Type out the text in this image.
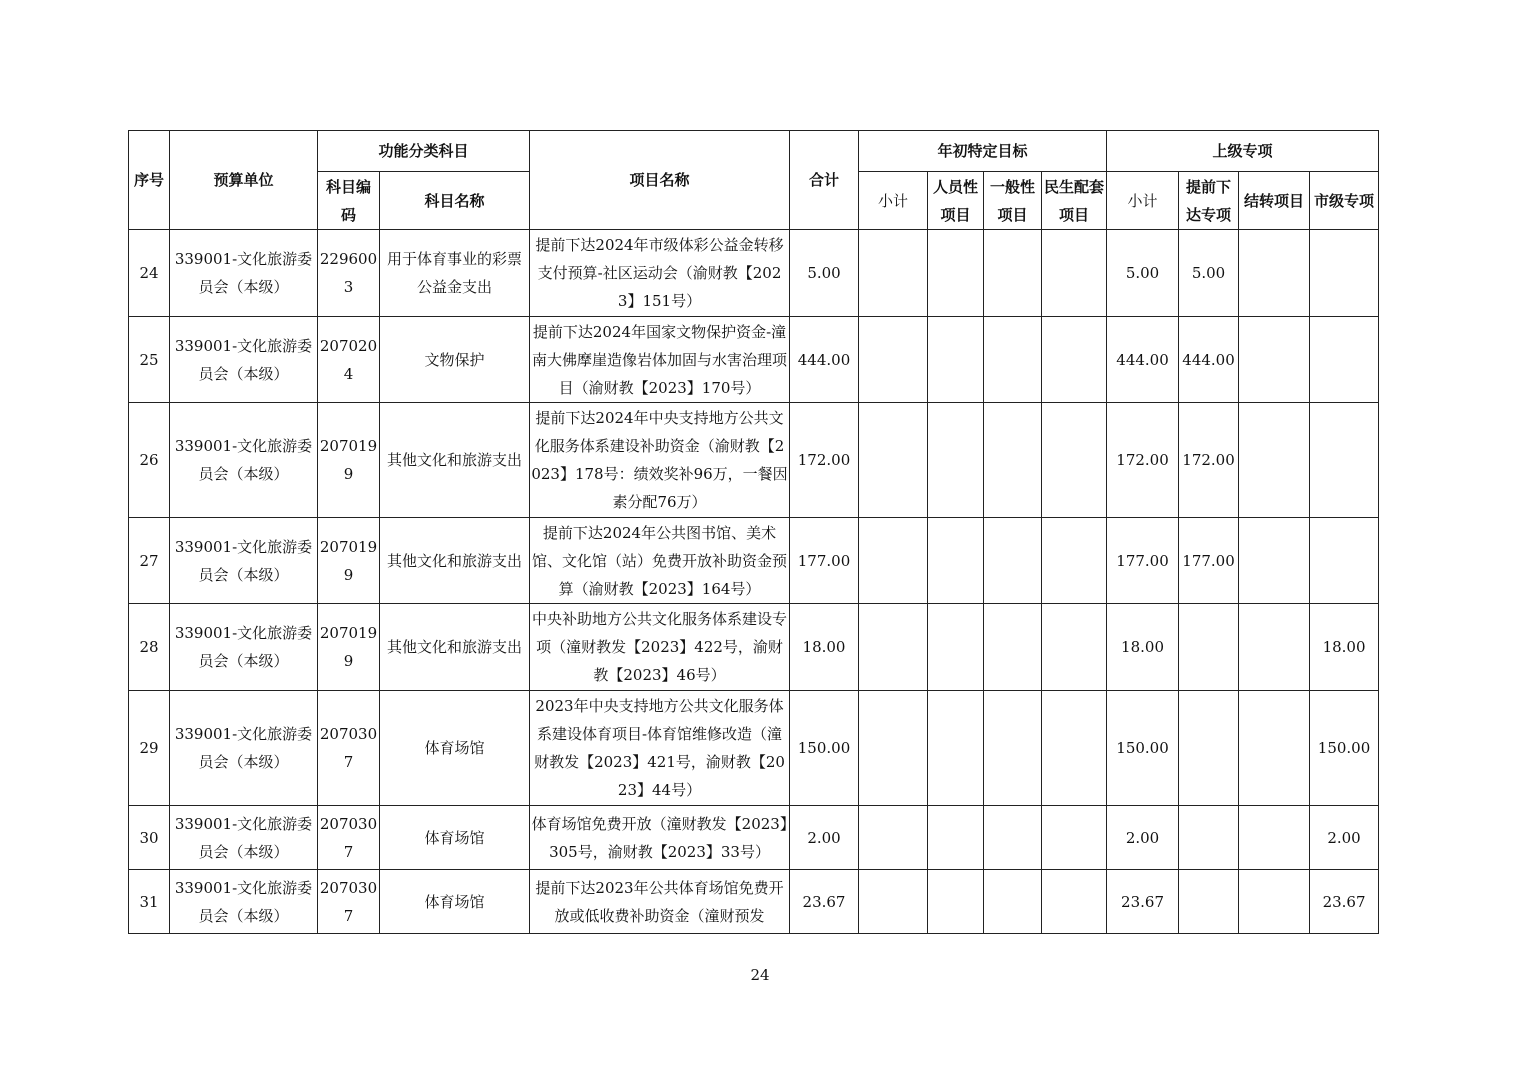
序号	预算单位	功能分类科目		项目名称	合计	年初特定目标				上级专项			
		科目编码	科目名称			小计	人员性项目	一般性项目	民生配套项目	小计	提前下达专项	结转项目	市级专项
24	339001-文化旅游委员会（本级）	2296003	用于体育事业的彩票公益金支出	提前下达2024年市级体彩公益金转移支付预算-社区运动会（渝财教【2023】151号）	5.00					5.00	5.00		
25	339001-文化旅游委员会（本级）	2070204	文物保护	提前下达2024年国家文物保护资金-潼南大佛摩崖造像岩体加固与水害治理项目（渝财教【2023】170号）	444.00					444.00	444.00		
26	339001-文化旅游委员会（本级）	2070199	其他文化和旅游支出	提前下达2024年中央支持地方公共文化服务体系建设补助资金（渝财教【2023】178号：绩效奖补96万，一餐因素分配76万）	172.00					172.00	172.00		
27	339001-文化旅游委员会（本级）	2070199	其他文化和旅游支出	提前下达2024年公共图书馆、美术馆、文化馆（站）免费开放补助资金预算（渝财教【2023】164号）	177.00					177.00	177.00		
28	339001-文化旅游委员会（本级）	2070199	其他文化和旅游支出	中央补助地方公共文化服务体系建设专项（潼财教发【2023】422号，渝财教【2023】46号）	18.00					18.00			18.00
29	339001-文化旅游委员会（本级）	2070307	体育场馆	2023年中央支持地方公共文化服务体系建设体育项目-体育馆维修改造（潼财教发【2023】421号，渝财教【2023】44号）	150.00					150.00			150.00
30	339001-文化旅游委员会（本级）	2070307	体育场馆	体育场馆免费开放（潼财教发【2023】305号，渝财教【2023】33号）	2.00					2.00			2.00
31	339001-文化旅游委员会（本级）	2070307	体育场馆	提前下达2023年公共体育场馆免费开放或低收费补助资金（潼财预发	23.67					23.67			23.67
24
